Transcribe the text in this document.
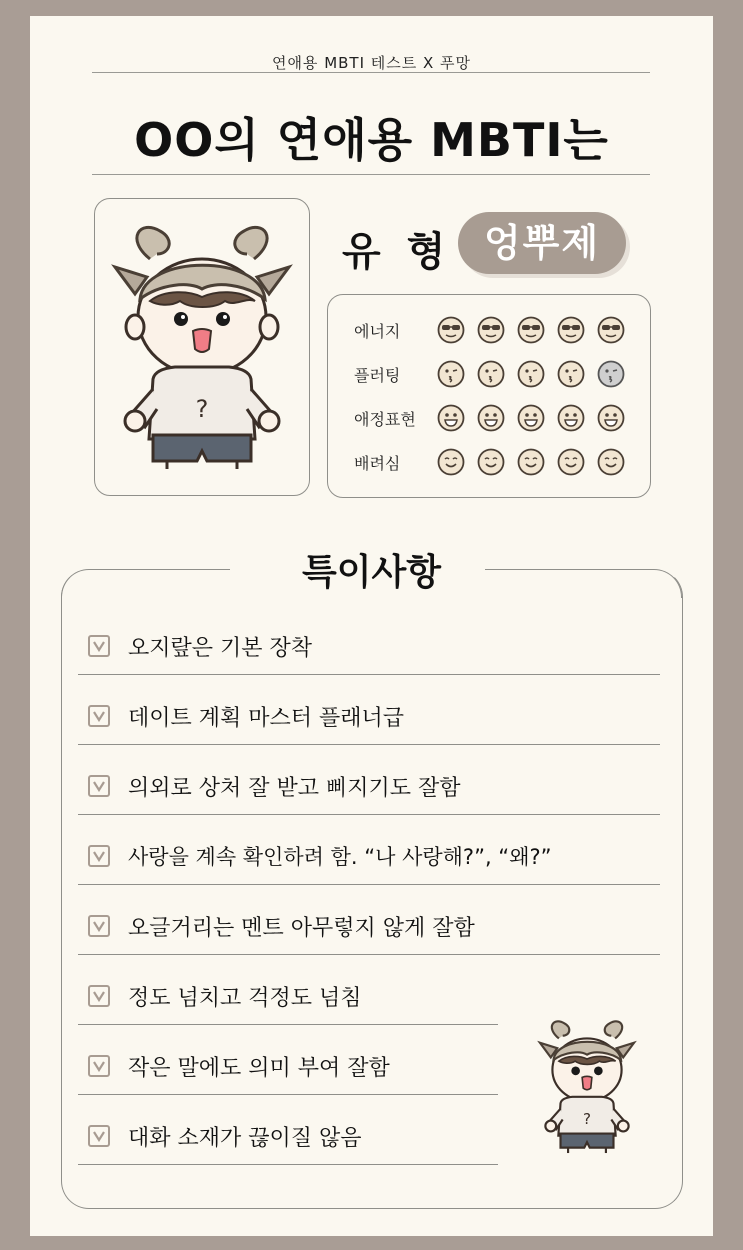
연애용 MBTI 테스트 X 푸망
OO의 연애용 MBTI는
?
유 형 엉뿌제
에너지
플러팅
애정표현
배려심
특이사항
오지랖은 기본 장착
데이트 계획 마스터 플래너급
의외로 상처 잘 받고 삐지기도 잘함
사랑을 계속 확인하려 함. “나 사랑해?”, “왜?”
오글거리는 멘트 아무렇지 않게 잘함
정도 넘치고 걱정도 넘침
작은 말에도 의미 부여 잘함
대화 소재가 끊이질 않음
?
